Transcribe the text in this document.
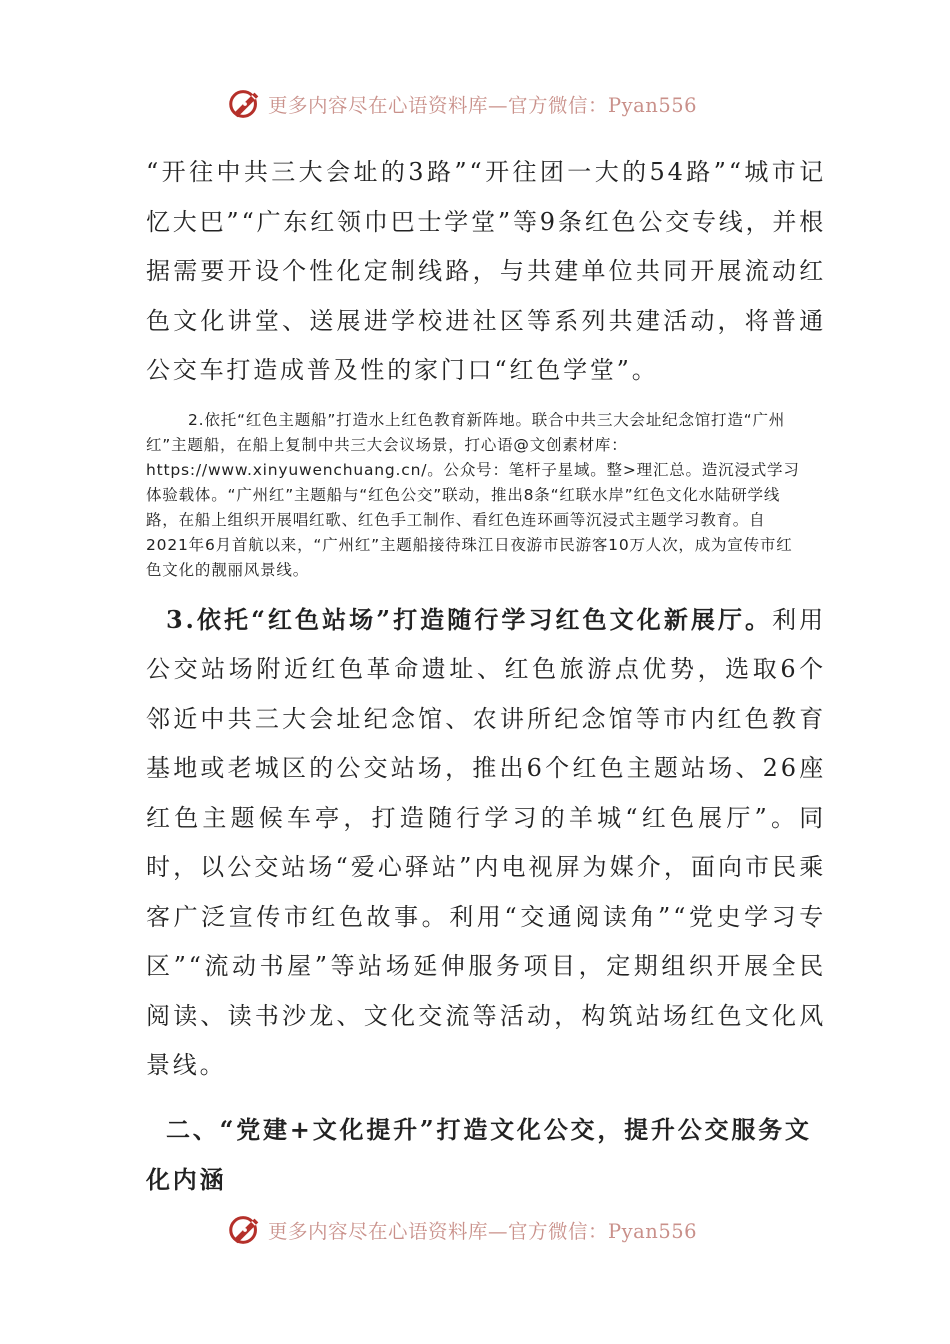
更多内容尽在心语资料库—官方微信：Pyan556

“开往中共三大会址的3路”“开往团一大的54路”“城市记忆大巴”“广东红领巾巴士学堂”等9条红色公交专线，并根据需要开设个性化定制线路，与共建单位共同开展流动红色文化讲堂、送展进学校进社区等系列共建活动，将普通公交车打造成普及性的家门口“红色学堂”。

2.依托“红色主题船”打造水上红色教育新阵地。联合中共三大会址纪念馆打造“广州红”主题船，在船上复制中共三大会议场景，打心语@文创素材库：https://www.xinyuwenchuang.cn/。公众号：笔杆子星域。整>理汇总。造沉浸式学习体验载体。“广州红”主题船与“红色公交”联动，推出8条“红联水岸”红色文化水陆研学线路，在船上组织开展唱红歌、红色手工制作、看红色连环画等沉浸式主题学习教育。自2021年6月首航以来，“广州红”主题船接待珠江日夜游市民游客10万人次，成为宣传市红色文化的靓丽风景线。

3.依托“红色站场”打造随行学习红色文化新展厅。利用公交站场附近红色革命遗址、红色旅游点优势，选取6个邻近中共三大会址纪念馆、农讲所纪念馆等市内红色教育基地或老城区的公交站场，推出6个红色主题站场、26座红色主题候车亭，打造随行学习的羊城“红色展厅”。同时，以公交站场“爱心驿站”内电视屏为媒介，面向市民乘客广泛宣传市红色故事。利用“交通阅读角”“党史学习专区”“流动书屋”等站场延伸服务项目，定期组织开展全民阅读、读书沙龙、文化交流等活动，构筑站场红色文化风景线。

二、“党建+文化提升”打造文化公交，提升公交服务文化内涵

更多内容尽在心语资料库—官方微信：Pyan556
